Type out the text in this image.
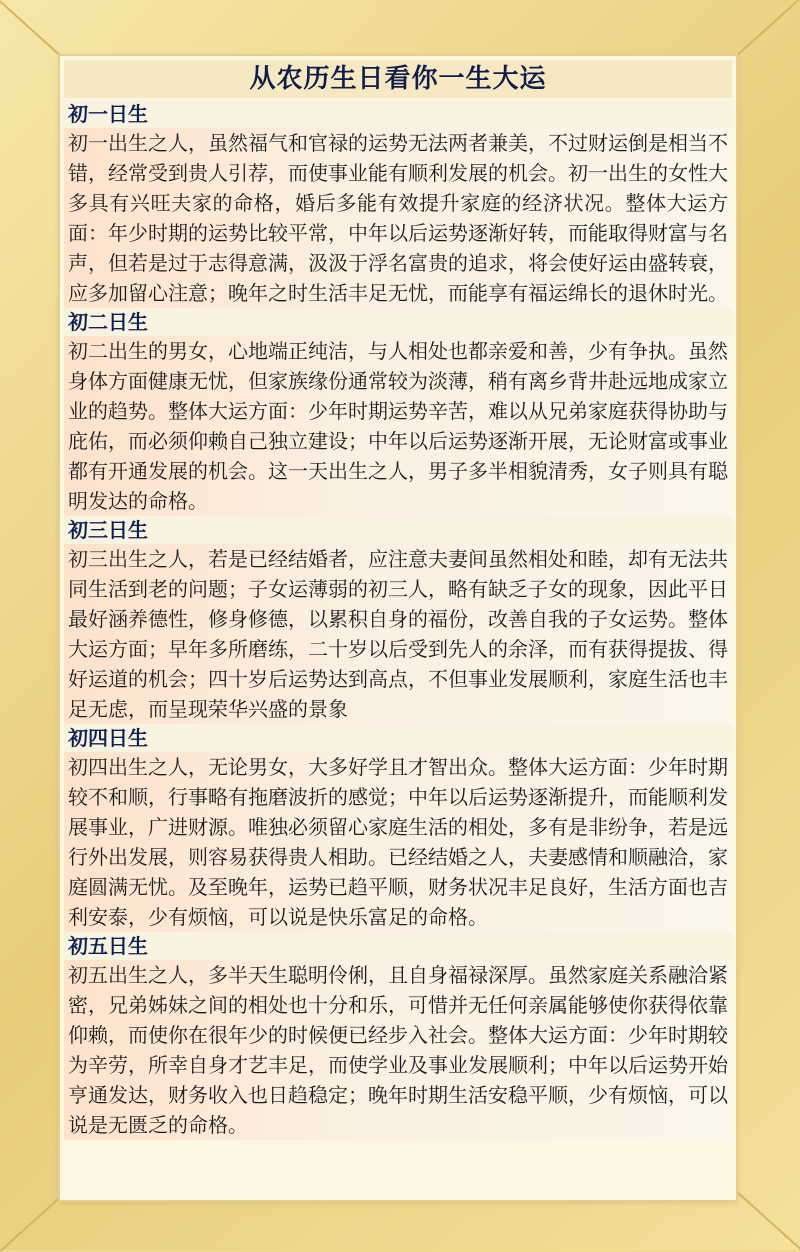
从农历生日看你一生大运
初一日生
初一出生之人，虽然福气和官禄的运势无法两者兼美，不过财运倒是相当不错，经常受到贵人引荐，而使事业能有顺利发展的机会。初一出生的女性大多具有兴旺夫家的命格，婚后多能有效提升家庭的经济状况。整体大运方面：年少时期的运势比较平常，中年以后运势逐渐好转，而能取得财富与名声，但若是过于志得意满，汲汲于浮名富贵的追求，将会使好运由盛转衰，应多加留心注意；晚年之时生活丰足无忧，而能享有福运绵长的退休时光。
初二日生
初二出生的男女，心地端正纯洁，与人相处也都亲爱和善，少有争执。虽然身体方面健康无忧，但家族缘份通常较为淡薄，稍有离乡背井赴远地成家立业的趋势。整体大运方面：少年时期运势辛苦，难以从兄弟家庭获得协助与庇佑，而必须仰赖自己独立建设；中年以后运势逐渐开展，无论财富或事业都有开通发展的机会。这一天出生之人，男子多半相貌清秀，女子则具有聪明发达的命格。
初三日生
初三出生之人，若是已经结婚者，应注意夫妻间虽然相处和睦，却有无法共同生活到老的问题；子女运薄弱的初三人，略有缺乏子女的现象，因此平日最好涵养德性，修身修德，以累积自身的福份，改善自我的子女运势。整体大运方面；早年多所磨练，二十岁以后受到先人的余泽，而有获得提拔、得好运道的机会；四十岁后运势达到高点，不但事业发展顺利，家庭生活也丰足无虑，而呈现荣华兴盛的景象
初四日生
初四出生之人，无论男女，大多好学且才智出众。整体大运方面：少年时期较不和顺，行事略有拖磨波折的感觉；中年以后运势逐渐提升，而能顺利发展事业，广进财源。唯独必须留心家庭生活的相处，多有是非纷争，若是远行外出发展，则容易获得贵人相助。已经结婚之人，夫妻感情和顺融洽，家庭圆满无忧。及至晚年，运势已趋平顺，财务状况丰足良好，生活方面也吉利安泰，少有烦恼，可以说是快乐富足的命格。
初五日生
初五出生之人，多半天生聪明伶俐，且自身福禄深厚。虽然家庭关系融洽紧密，兄弟姊妹之间的相处也十分和乐，可惜并无任何亲属能够使你获得依靠仰赖，而使你在很年少的时候便已经步入社会。整体大运方面：少年时期较为辛劳，所幸自身才艺丰足，而使学业及事业发展顺利；中年以后运势开始亨通发达，财务收入也日趋稳定；晚年时期生活安稳平顺，少有烦恼，可以说是无匮乏的命格。
